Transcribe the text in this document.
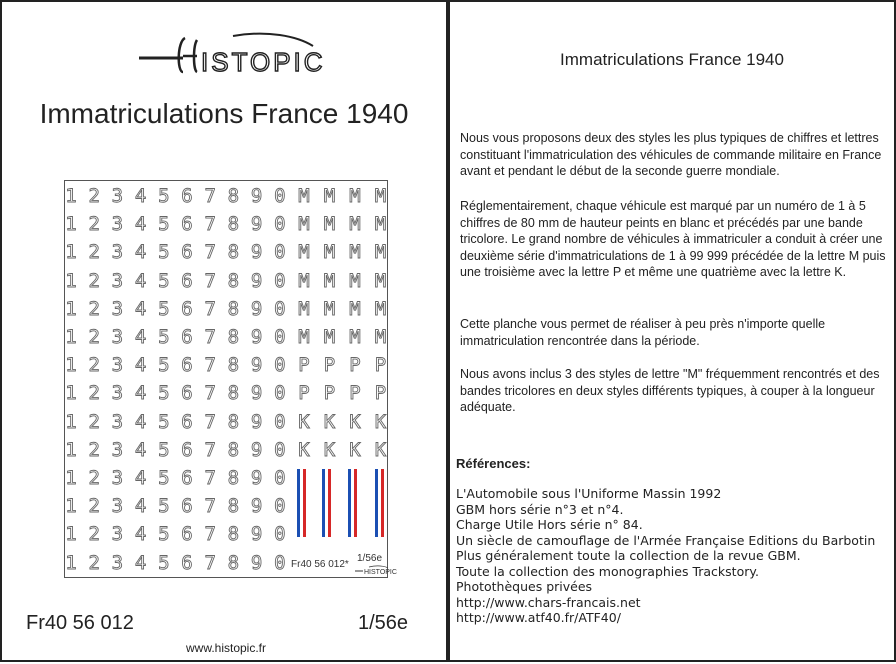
ISTOPIC
Immatriculations France 1940
1 2 3 4 5 6 7 8 9 0 M M M M
1 2 3 4 5 6 7 8 9 0 M M M M
1 2 3 4 5 6 7 8 9 0 M M M M
1 2 3 4 5 6 7 8 9 0 M M M M
1 2 3 4 5 6 7 8 9 0 M M M M
1 2 3 4 5 6 7 8 9 0 M M M M
1 2 3 4 5 6 7 8 9 0 P P P P
1 2 3 4 5 6 7 8 9 0 P P P P
1 2 3 4 5 6 7 8 9 0 K K K K
1 2 3 4 5 6 7 8 9 0 K K K K
1 2 3 4 5 6 7 8 9 0
1 2 3 4 5 6 7 8 9 0
1 2 3 4 5 6 7 8 9 0
1 2 3 4 5 6 7 8 9 0 Fr40 56 012*
1/56e
HISTOPIC
Fr40 56 012	1/56e
www.histopic.fr
Immatriculations France 1940
Nous vous proposons deux des styles les plus typiques de chiffres et lettres constituant l'immatriculation des véhicules de commande militaire en France avant et pendant le début de la seconde guerre mondiale.
Réglementairement, chaque véhicule est marqué par un numéro de 1 à 5 chiffres de 80 mm de hauteur peints en blanc et précédés par une bande tricolore. Le grand nombre de véhicules à immatriculer a conduit à créer une deuxième série d'immatriculations de 1 à 99 999 précédée de la lettre M puis une troisième avec la lettre P et même une quatrième avec la lettre K.
Cette planche vous permet de réaliser à peu près n'importe quelle immatriculation rencontrée dans la période.
Nous avons inclus 3 des styles de lettre "M" fréquemment rencontrés et des bandes tricolores en deux styles différents typiques, à couper à la longueur adéquate.
Références:
L'Automobile sous l'Uniforme Massin 1992
GBM hors série n°3 et n°4.
Charge Utile Hors série n° 84.
Un siècle de camouflage de l'Armée Française Editions du Barbotin
Plus généralement toute la collection de la revue GBM.
Toute la collection des monographies Trackstory.
Photothèques privées
http://www.chars-francais.net
http://www.atf40.fr/ATF40/
